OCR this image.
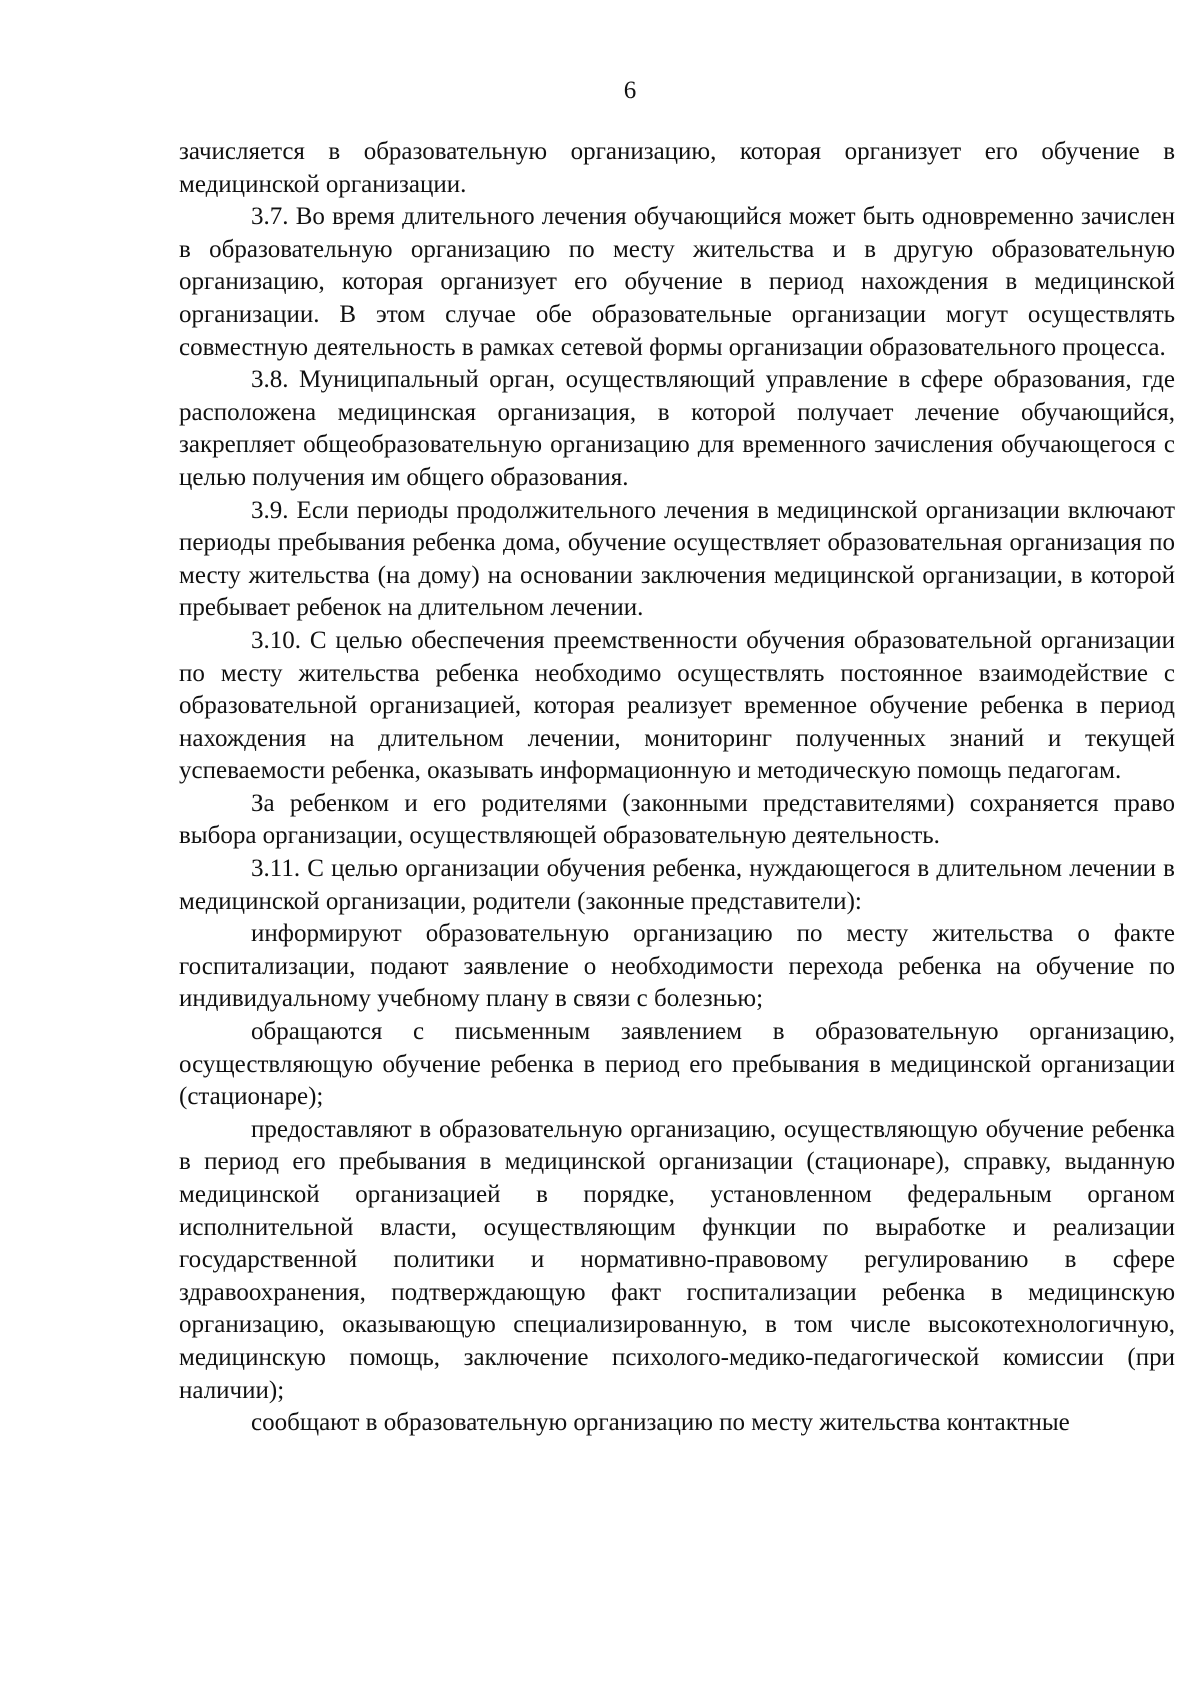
6

зачисляется в образовательную организацию, которая организует его обучение в медицинской организации.

3.7. Во время длительного лечения обучающийся может быть одновременно зачислен в образовательную организацию по месту жительства и в другую образовательную организацию, которая организует его обучение в период нахождения в медицинской организации. В этом случае обе образовательные организации могут осуществлять совместную деятельность в рамках сетевой формы организации образовательного процесса.

3.8. Муниципальный орган, осуществляющий управление в сфере образования, где расположена медицинская организация, в которой получает лечение обучающийся, закрепляет общеобразовательную организацию для временного зачисления обучающегося с целью получения им общего образования.

3.9. Если периоды продолжительного лечения в медицинской организации включают периоды пребывания ребенка дома, обучение осуществляет образовательная организация по месту жительства (на дому) на основании заключения медицинской организации, в которой пребывает ребенок на длительном лечении.

3.10. С целью обеспечения преемственности обучения образовательной организации по месту жительства ребенка необходимо осуществлять постоянное взаимодействие с образовательной организацией, которая реализует временное обучение ребенка в период нахождения на длительном лечении, мониторинг полученных знаний и текущей успеваемости ребенка, оказывать информационную и методическую помощь педагогам.

За ребенком и его родителями (законными представителями) сохраняется право выбора организации, осуществляющей образовательную деятельность.

3.11. С целью организации обучения ребенка, нуждающегося в длительном лечении в медицинской организации, родители (законные представители):

информируют образовательную организацию по месту жительства о факте госпитализации, подают заявление о необходимости перехода ребенка на обучение по индивидуальному учебному плану в связи с болезнью;

обращаются с письменным заявлением в образовательную организацию, осуществляющую обучение ребенка в период его пребывания в медицинской организации (стационаре);

предоставляют в образовательную организацию, осуществляющую обучение ребенка в период его пребывания в медицинской организации (стационаре), справку, выданную медицинской организацией в порядке, установленном федеральным органом исполнительной власти, осуществляющим функции по выработке и реализации государственной политики и нормативно-правовому регулированию в сфере здравоохранения, подтверждающую факт госпитализации ребенка в медицинскую организацию, оказывающую специализированную, в том числе высокотехнологичную, медицинскую помощь, заключение психолого-медико-педагогической комиссии (при наличии);

сообщают в образовательную организацию по месту жительства контактные
